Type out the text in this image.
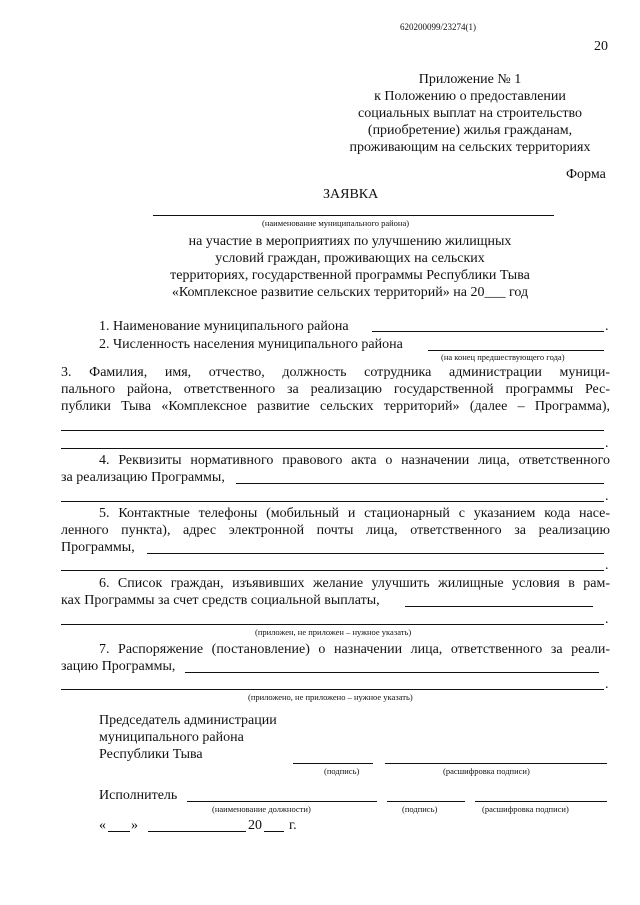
620200099/23274(1)
20
Приложение № 1
к Положению о предоставлении
социальных выплат на строительство
(приобретение) жилья гражданам,
проживающим на сельских территориях
Форма
ЗАЯВКА
(наименование муниципального района)
на участие в мероприятиях по улучшению жилищных
условий граждан, проживающих на сельских
территориях, государственной программы Республики Тыва
«Комплексное развитие сельских территорий» на 20___ год
1. Наименование муниципального района	.
2. Численность населения муниципального района
(на конец предшествующего года)
3. Фамилия, имя, отчество, должность сотрудника администрации муници-
пального района, ответственного за реализацию государственной программы Рес-
публики Тыва «Комплексное развитие сельских территорий» (далее – Программа),
.
4. Реквизиты нормативного правового акта о назначении лица, ответственного
за реализацию Программы,
.
5. Контактные телефоны (мобильный и стационарный с указанием кода насе-
ленного пункта), адрес электронной почты лица, ответственного за реализацию
Программы,
.
6. Список граждан, изъявивших желание улучшить жилищные условия в рам-
ках Программы за счет средств социальной выплаты,
.
(приложен, не приложен – нужное указать)
7. Распоряжение (постановление) о назначении лица, ответственного за реали-
зацию Программы,
.
(приложено, не приложено – нужное указать)
Председатель администрации
муниципального района
Республики Тыва
(подпись)	(расшифровка подписи)
Исполнитель
(наименование должности)	(подпись)	(расшифровка подписи)
« »	20 г.
